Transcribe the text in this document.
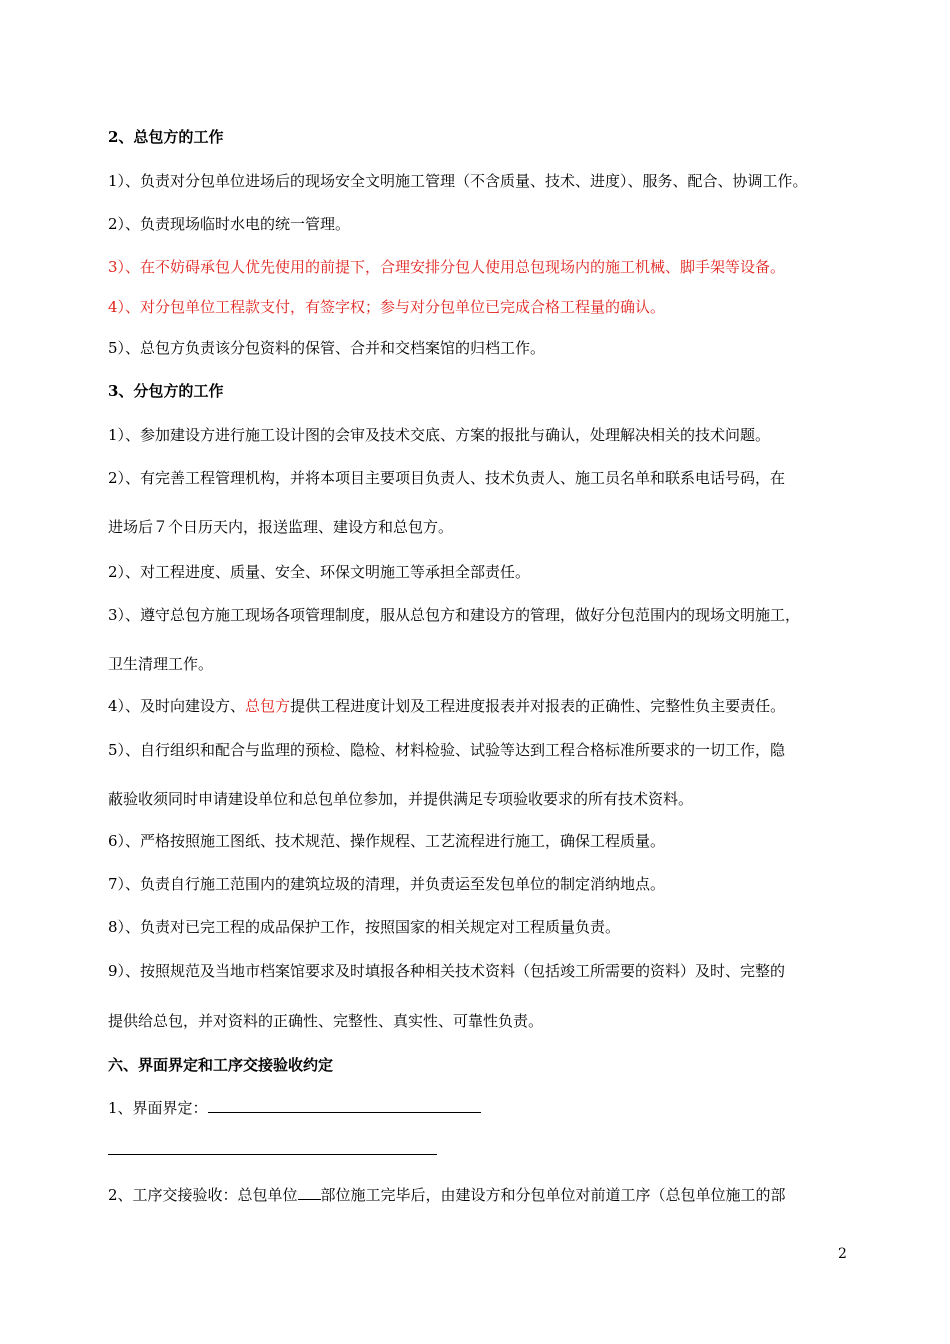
2、总包方的工作
1）、负责对分包单位进场后的现场安全文明施工管理（不含质量、技术、进度）、服务、配合、协调工作。
2）、负责现场临时水电的统一管理。
3）、在不妨碍承包人优先使用的前提下，合理安排分包人使用总包现场内的施工机械、脚手架等设备。
4）、对分包单位工程款支付，有签字权；参与对分包单位已完成合格工程量的确认。
5）、总包方负责该分包资料的保管、合并和交档案馆的归档工作。
3、分包方的工作
1）、参加建设方进行施工设计图的会审及技术交底、方案的报批与确认，处理解决相关的技术问题。
2）、有完善工程管理机构，并将本项目主要项目负责人、技术负责人、施工员名单和联系电话号码，在
进场后７个日历天内，报送监理、建设方和总包方。
2）、对工程进度、质量、安全、环保文明施工等承担全部责任。
3）、遵守总包方施工现场各项管理制度，服从总包方和建设方的管理，做好分包范围内的现场文明施工，
卫生清理工作。
4）、及时向建设方、总包方提供工程进度计划及工程进度报表并对报表的正确性、完整性负主要责任。
5）、自行组织和配合与监理的预检、隐检、材料检验、试验等达到工程合格标准所要求的一切工作，隐
蔽验收须同时申请建设单位和总包单位参加，并提供满足专项验收要求的所有技术资料。
6）、严格按照施工图纸、技术规范、操作规程、工艺流程进行施工，确保工程质量。
7）、负责自行施工范围内的建筑垃圾的清理，并负责运至发包单位的制定消纳地点。
8）、负责对已完工程的成品保护工作，按照国家的相关规定对工程质量负责。
9）、按照规范及当地市档案馆要求及时填报各种相关技术资料（包括竣工所需要的资料）及时、完整的
提供给总包，并对资料的正确性、完整性、真实性、可靠性负责。
六、界面界定和工序交接验收约定
1、界面界定：
2、工序交接验收：总包单位 部位施工完毕后，由建设方和分包单位对前道工序（总包单位施工的部
2
